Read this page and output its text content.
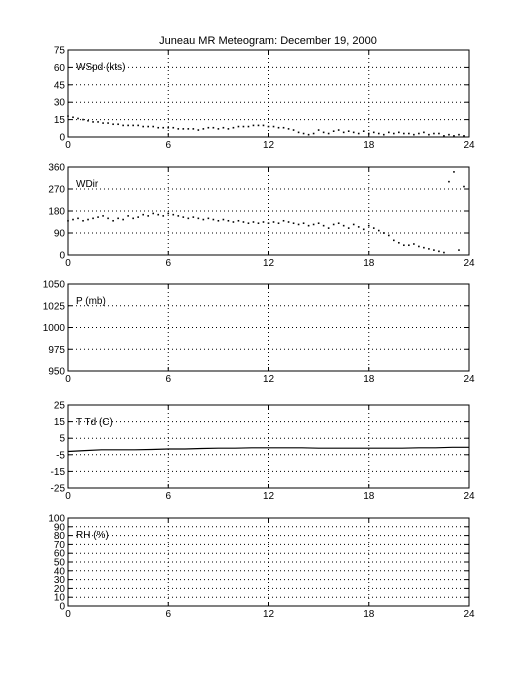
Juneau MR Meteogram: December 19, 2000
0	6	12	18	24
0
15
30
45
60
75
WSpd (kts)
0	6	12	18	24
0
90
180
270
360
WDir
0	6	12	18	24
950
975
1000
1025
1050
P (mb)
0	6	12	18	24
-25
-15
-5
5
15
25
T Td (C)
0	6	12	18	24
0
10
20
30
40
50
60
70
80
90
100
RH (%)
